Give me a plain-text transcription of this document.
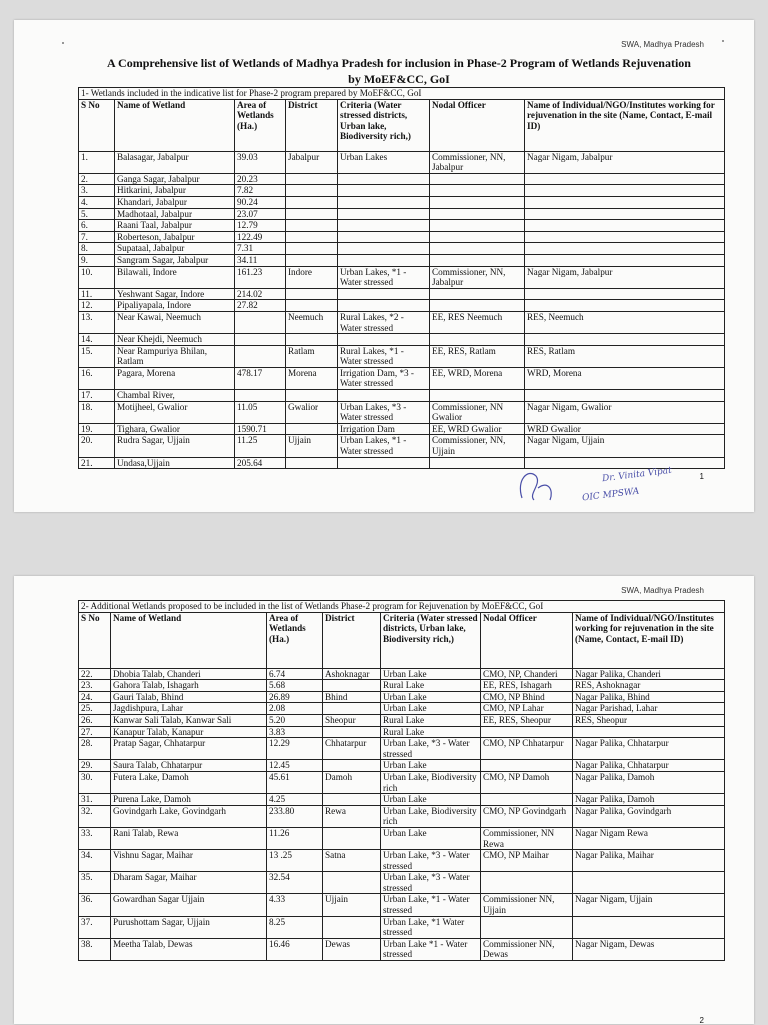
SWA, Madhya Pradesh
A Comprehensive list of Wetlands of Madhya Pradesh for inclusion in Phase-2 Program of Wetlands Rejuvenation
by MoEF&CC, GoI
1- Wetlands included in the indicative list for Phase-2 program prepared by MoEF&CC, GoI						
S No	Name of Wetland	Area of Wetlands (Ha.)	District	Criteria (Water stressed districts, Urban lake, Biodiversity rich,)	Nodal Officer	Name of Individual/NGO/Institutes working for rejuvenation in the site (Name, Contact, E-mail ID)
1.	Balasagar, Jabalpur	39.03	Jabalpur	Urban Lakes	Commissioner, NN, Jabalpur	Nagar Nigam, Jabalpur
2.	Ganga Sagar, Jabalpur	20.23				
3.	Hitkarini, Jabalpur	7.82				
4.	Khandari, Jabalpur	90.24				
5.	Madhotaal, Jabalpur	23.07				
6.	Raani Taal, Jabalpur	12.79				
7.	Roberteson, Jabalpur	122.49				
8.	Supataal, Jabalpur	7.31				
9.	Sangram Sagar, Jabalpur	34.11				
10.	Bilawali, Indore	161.23	Indore	Urban Lakes, *1 - Water stressed	Commissioner, NN, Jabalpur	Nagar Nigam, Jabalpur
11.	Yeshwant Sagar, Indore	214.02				
12.	Pipaliyapala, Indore	27.82				
13.	Near Kawai, Neemuch		Neemuch	Rural Lakes, *2 - Water stressed	EE, RES Neemuch	RES, Neemuch
14.	Near Khejdi, Neemuch					
15.	Near Rampuriya Bhilan, Ratlam		Ratlam	Rural Lakes, *1 - Water stressed	EE, RES, Ratlam	RES, Ratlam
16.	Pagara, Morena	478.17	Morena	Irrigation Dam, *3 - Water stressed	EE, WRD, Morena	WRD, Morena
17.	Chambal River,					
18.	Motijheel, Gwalior	11.05	Gwalior	Urban Lakes, *3 - Water stressed	Commissioner, NN Gwalior	Nagar Nigam, Gwalior
19.	Tighara, Gwalior	1590.71		Irrigation Dam	EE, WRD Gwalior	WRD Gwalior
20.	Rudra Sagar, Ujjain	11.25	Ujjain	Urban Lakes, *1 - Water stressed	Commissioner, NN, Ujjain	Nagar Nigam, Ujjain
21.	Undasa,Ujjain	205.64				
Dr. Vinita Vipat
OIC MPSWA
1
SWA, Madhya Pradesh
2- Additional Wetlands proposed to be included in the list of Wetlands Phase-2 program for Rejuvenation by MoEF&CC, GoI						
S No	Name of Wetland	Area of Wetlands (Ha.)	District	Criteria (Water stressed districts, Urban lake, Biodiversity rich,)	Nodal Officer	Name of Individual/NGO/Institutes working for rejuvenation in the site (Name, Contact, E-mail ID)
22.	Dhobia Talab, Chanderi	6.74	Ashoknagar	Urban Lake	CMO, NP, Chanderi	Nagar Palika, Chanderi
23.	Gahora Talab, Ishagarh	5.68		Rural Lake	EE, RES, Ishagarh	RES, Ashoknagar
24.	Gauri Talab, Bhind	26.89	Bhind	Urban Lake	CMO, NP Bhind	Nagar Palika, Bhind
25.	Jagdishpura, Lahar	2.08		Urban Lake	CMO, NP Lahar	Nagar Parishad, Lahar
26.	Kanwar Sali Talab, Kanwar Sali	5.20	Sheopur	Rural Lake	EE, RES, Sheopur	RES, Sheopur
27.	Kanapur Talab, Kanapur	3.83		Rural Lake		
28.	Pratap Sagar, Chhatarpur	12.29	Chhatarpur	Urban Lake, *3 - Water stressed	CMO, NP Chhatarpur	Nagar Palika, Chhatarpur
29.	Saura Talab, Chhatarpur	12.45		Urban Lake		Nagar Palika, Chhatarpur
30.	Futera Lake, Damoh	45.61	Damoh	Urban Lake, Biodiversity rich	CMO, NP Damoh	Nagar Palika, Damoh
31.	Purena Lake, Damoh	4.25		Urban Lake		Nagar Palika, Damoh
32.	Govindgarh Lake, Govindgarh	233.80	Rewa	Urban Lake, Biodiversity rich	CMO, NP Govindgarh	Nagar Palika, Govindgarh
33.	Rani Talab, Rewa	11.26		Urban Lake	Commissioner, NN Rewa	Nagar Nigam Rewa
34.	Vishnu Sagar, Maihar	13 .25	Satna	Urban Lake, *3 - Water stressed	CMO, NP Maihar	Nagar Palika, Maihar
35.	Dharam Sagar, Maihar	32.54		Urban Lake, *3 - Water stressed		
36.	Gowardhan Sagar Ujjain	4.33	Ujjain	Urban Lake, *1 - Water stressed	Commissioner NN, Ujjain	Nagar Nigam, Ujjain
37.	Purushottam Sagar, Ujjain	8.25		Urban Lake, *1 Water stressed		
38.	Meetha Talab, Dewas	16.46	Dewas	Urban Lake *1 - Water stressed	Commissioner NN, Dewas	Nagar Nigam, Dewas
2
